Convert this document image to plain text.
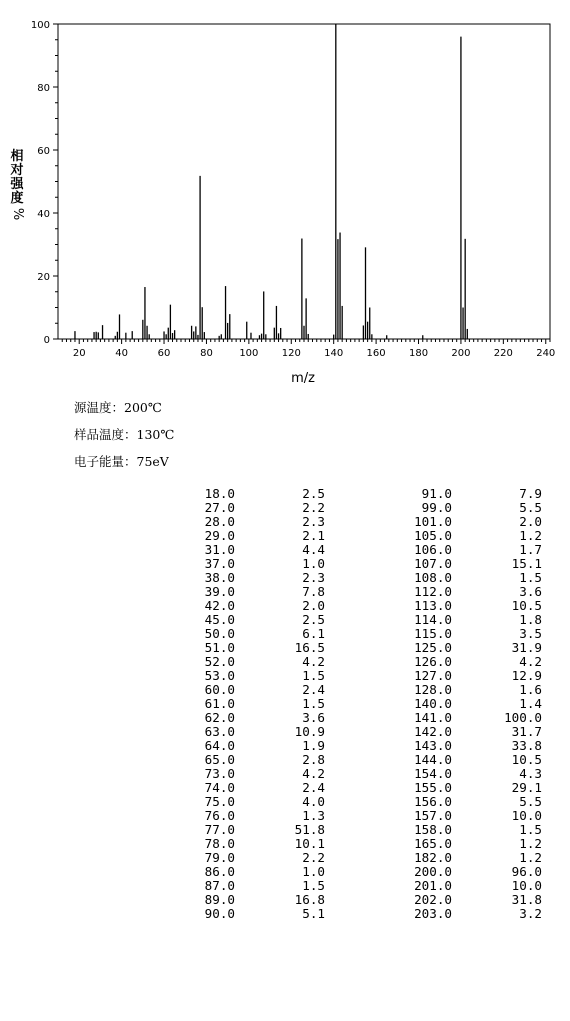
20	40	60	80	100 120 140 160 180 200 220 240
0
20
40
60
80
100
m/z
相
对
强
度
%
源温度：200℃
样品温度：130℃
电子能量：75eV
18.0	2.5	91.0	7.9
27.0	2.2	99.0	5.5
28.0	2.3	101.0	2.0
29.0	2.1	105.0	1.2
31.0	4.4	106.0	1.7
37.0	1.0	107.0	15.1
38.0	2.3	108.0	1.5
39.0	7.8	112.0	3.6
42.0	2.0	113.0	10.5
45.0	2.5	114.0	1.8
50.0	6.1	115.0	3.5
51.0	16.5	125.0	31.9
52.0	4.2	126.0	4.2
53.0	1.5	127.0	12.9
60.0	2.4	128.0	1.6
61.0	1.5	140.0	1.4
62.0	3.6	141.0	100.0
63.0	10.9	142.0	31.7
64.0	1.9	143.0	33.8
65.0	2.8	144.0	10.5
73.0	4.2	154.0	4.3
74.0	2.4	155.0	29.1
75.0	4.0	156.0	5.5
76.0	1.3	157.0	10.0
77.0	51.8	158.0	1.5
78.0	10.1	165.0	1.2
79.0	2.2	182.0	1.2
86.0	1.0	200.0	96.0
87.0	1.5	201.0	10.0
89.0	16.8	202.0	31.8
90.0	5.1	203.0	3.2
